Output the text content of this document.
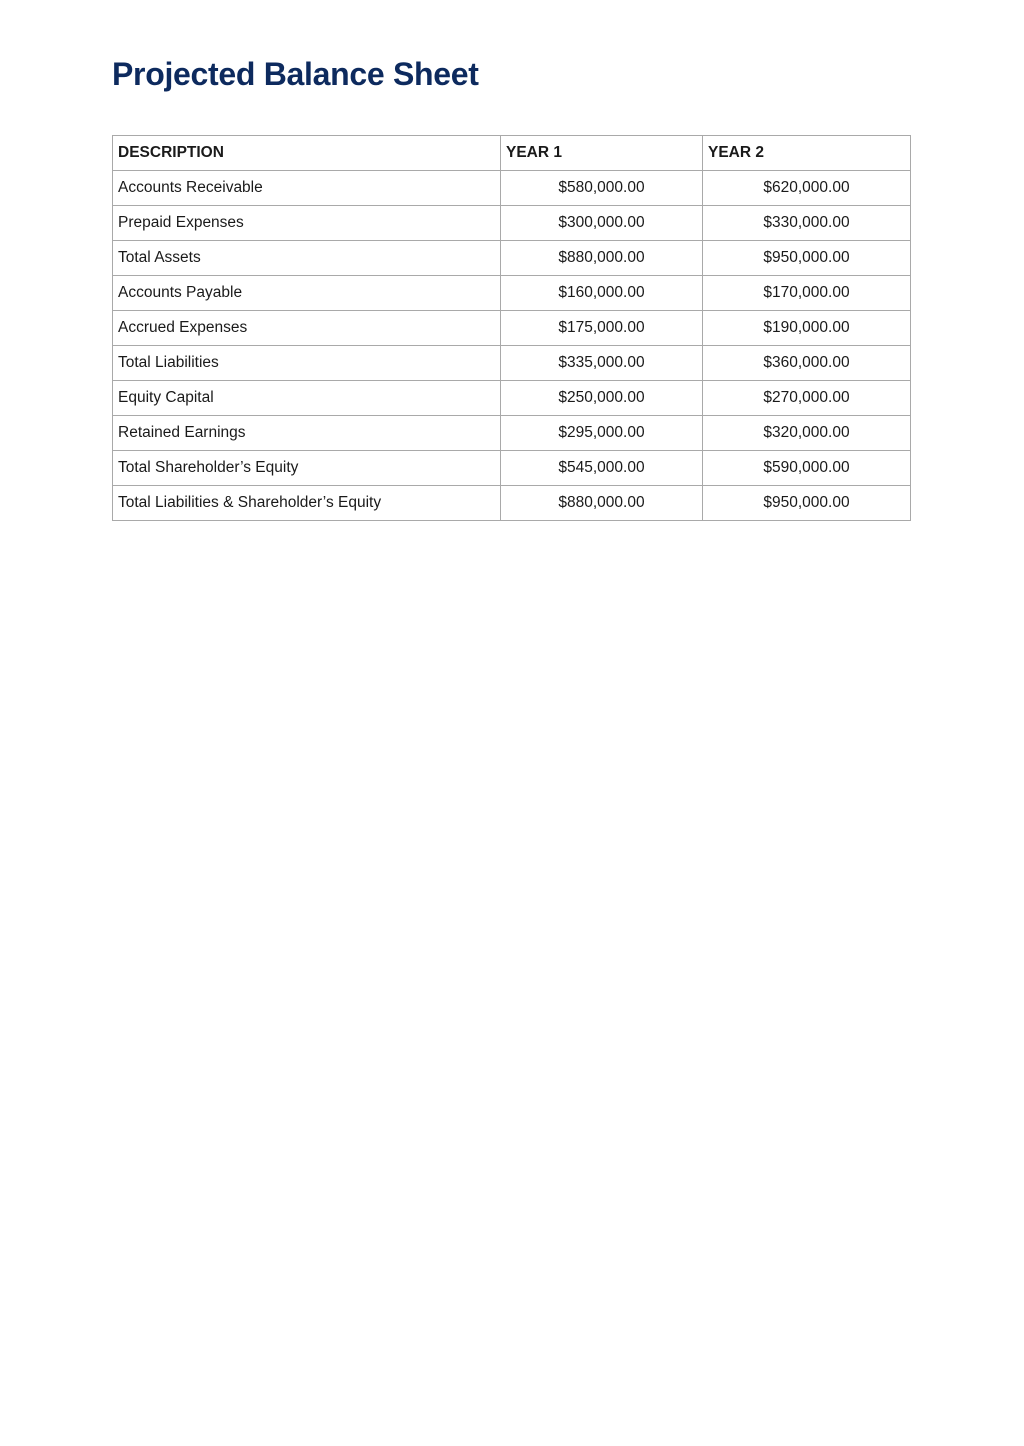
Projected Balance Sheet
DESCRIPTION	YEAR 1	YEAR 2
Accounts Receivable	$580,000.00	$620,000.00
Prepaid Expenses	$300,000.00	$330,000.00
Total Assets	$880,000.00	$950,000.00
Accounts Payable	$160,000.00	$170,000.00
Accrued Expenses	$175,000.00	$190,000.00
Total Liabilities	$335,000.00	$360,000.00
Equity Capital	$250,000.00	$270,000.00
Retained Earnings	$295,000.00	$320,000.00
Total Shareholder’s Equity	$545,000.00	$590,000.00
Total Liabilities & Shareholder’s Equity	$880,000.00	$950,000.00
